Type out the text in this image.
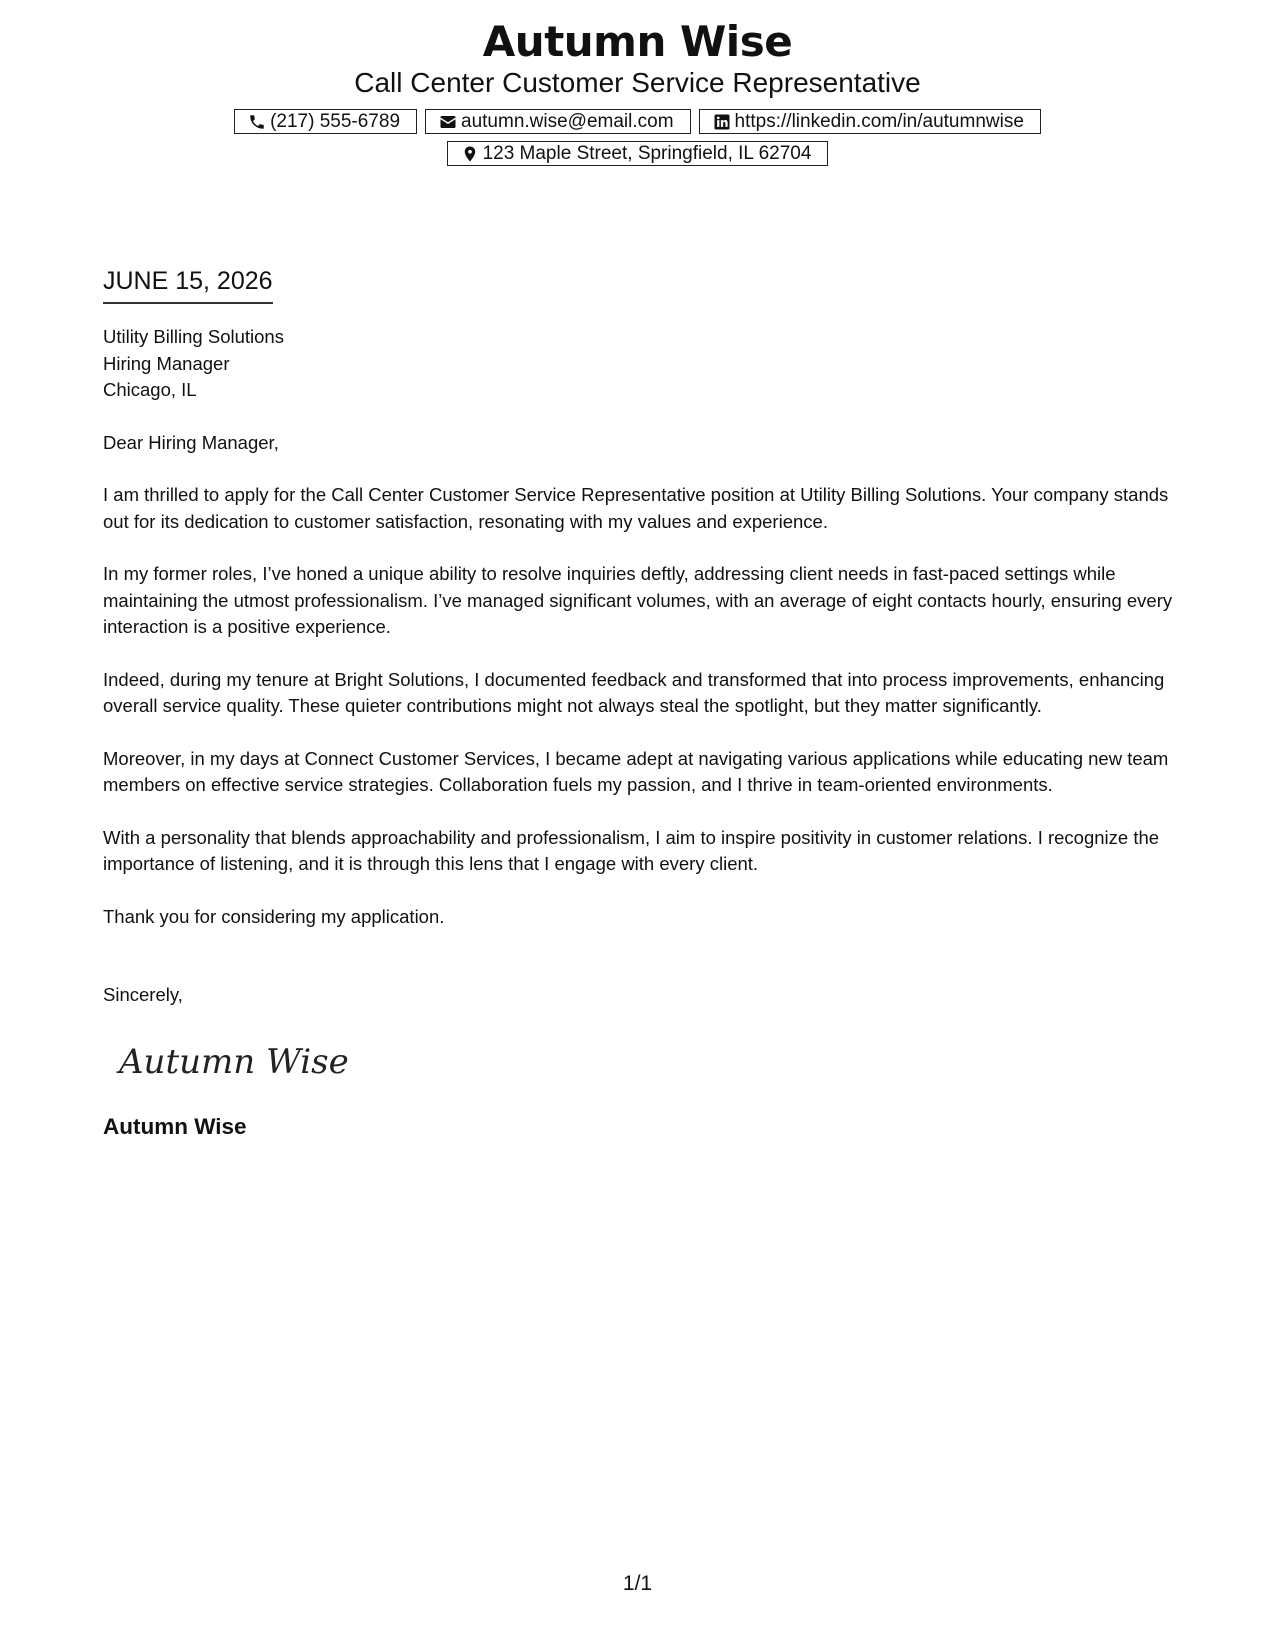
Autumn Wise
Call Center Customer Service Representative
(217) 555-6789	autumn.wise@email.com	https://linkedin.com/in/autumnwise
123 Maple Street, Springfield, IL 62704
JUNE 15, 2026
Utility Billing Solutions
Hiring Manager
Chicago, IL

Dear Hiring Manager,

I am thrilled to apply for the Call Center Customer Service Representative position at Utility Billing Solutions. Your company stands out for its dedication to customer satisfaction, resonating with my values and experience.

In my former roles, I’ve honed a unique ability to resolve inquiries deftly, addressing client needs in fast-paced settings while maintaining the utmost professionalism. I’ve managed significant volumes, with an average of eight contacts hourly, ensuring every interaction is a positive experience.

Indeed, during my tenure at Bright Solutions, I documented feedback and transformed that into process improvements, enhancing overall service quality. These quieter contributions might not always steal the spotlight, but they matter significantly.

Moreover, in my days at Connect Customer Services, I became adept at navigating various applications while educating new team members on effective service strategies. Collaboration fuels my passion, and I thrive in team-oriented environments.

With a personality that blends approachability and professionalism, I aim to inspire positivity in customer relations. I recognize the importance of listening, and it is through this lens that I engage with every client.

Thank you for considering my application.

Sincerely,
Autumn Wise
Autumn Wise
1/1
